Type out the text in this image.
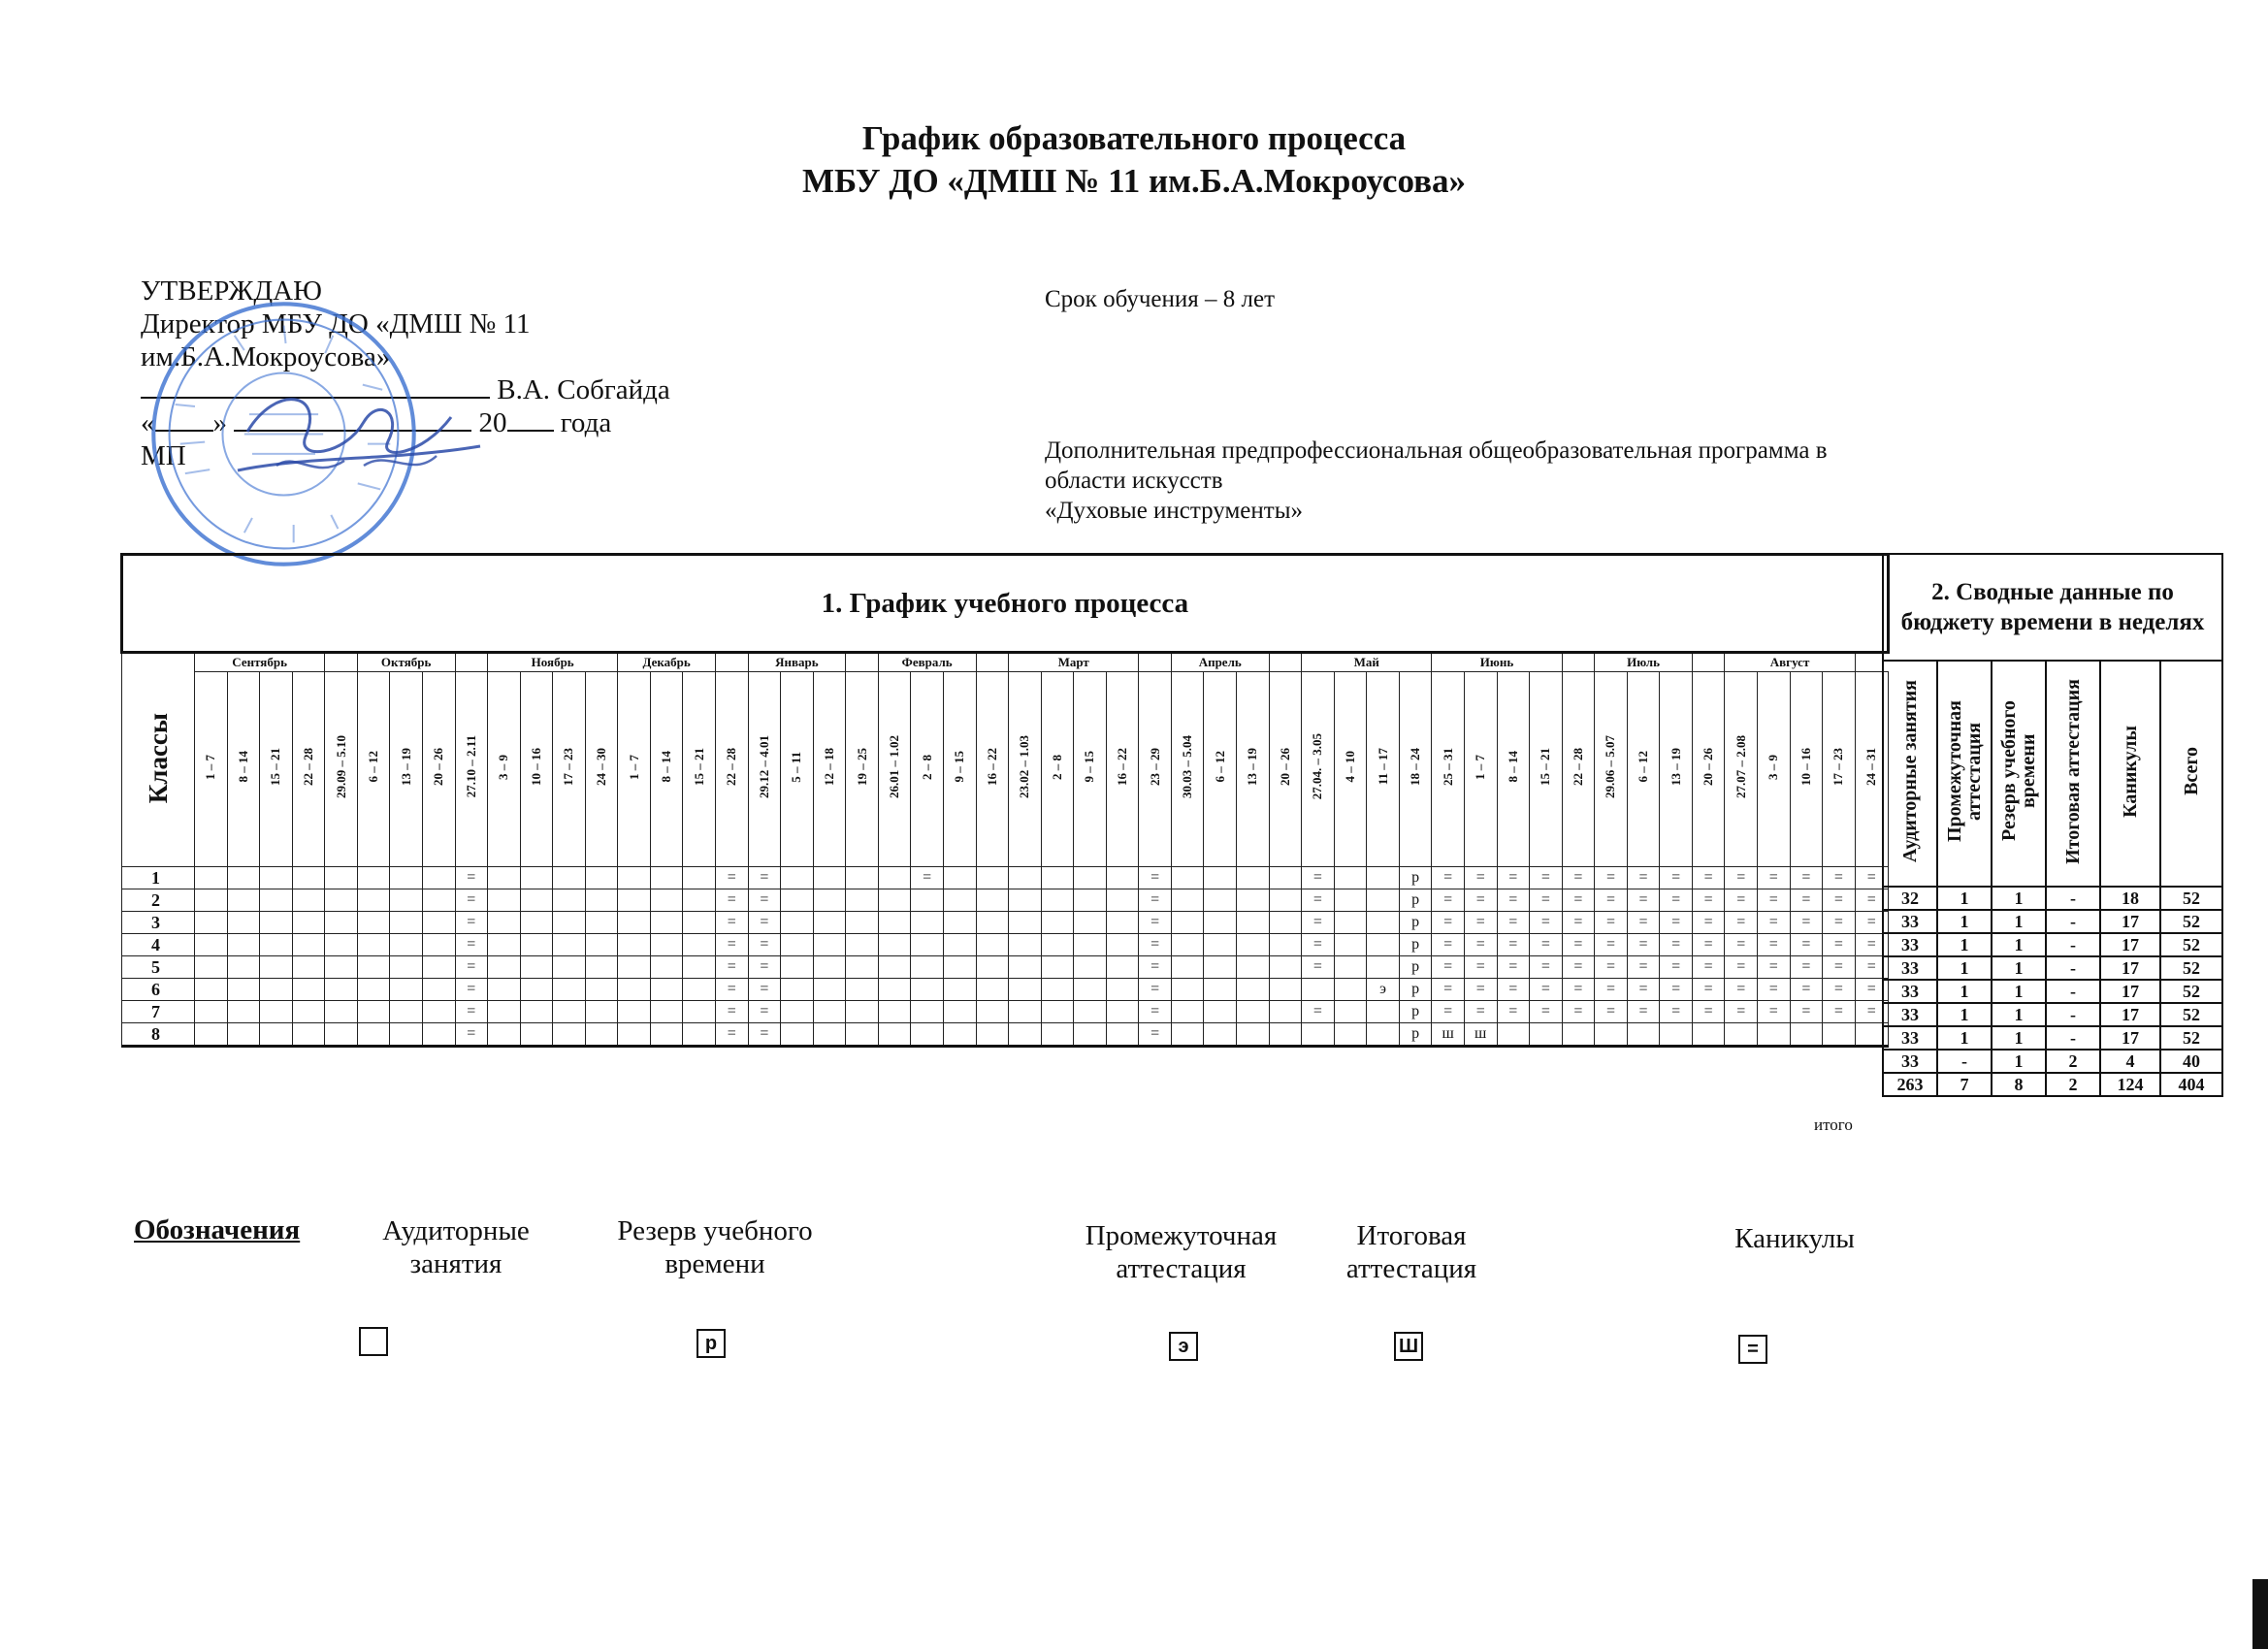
График образовательного процесса
МБУ ДО «ДМШ № 11 им.Б.А.Мокроусова»
УТВЕРЖДАЮ
Директор МБУ ДО «ДМШ № 11
им.Б.А.Мокроусова»
В.А. Собгайда
« »	20 года
МП
Срок обучения – 8 лет
Дополнительная предпрофессиональная общеобразовательная программа в
области искусств
«Духовые инструменты»
1. График учебного процесса																																																				
Классы	Сентябрь					Октябрь				Ноябрь				Декабрь				Январь				Февраль				Март					Апрель				Май				Июнь					Июль				Август				
	1 – 7	8 – 14	15 – 21	22 – 28	29.09 – 5.10	6 – 12	13 – 19	20 – 26	27.10 – 2.11	3 – 9	10 – 16	17 – 23	24 – 30	1 – 7	8 – 14	15 – 21	22 – 28	29.12 – 4.01	5 – 11	12 – 18	19 – 25	26.01 – 1.02	2 – 8	9 – 15	16 – 22	23.02 – 1.03	2 – 8	9 – 15	16 – 22	23 – 29	30.03 – 5.04	6 – 12	13 – 19	20 – 26	27.04. – 3.05	4 – 10	11 – 17	18 – 24	25 – 31	1 – 7	8 – 14	15 – 21	22 – 28	29.06 – 5.07	6 – 12	13 – 19	20 – 26	27.07 – 2.08	3 – 9	10 – 16	17 – 23	24 – 31
1									=								=	=					=							=					=			р	=	=	=	=	=	=	=	=	=	=	=	=	=	=
2									=								=	=												=					=			р	=	=	=	=	=	=	=	=	=	=	=	=	=	=
3									=								=	=												=					=			р	=	=	=	=	=	=	=	=	=	=	=	=	=	=
4									=								=	=												=					=			р	=	=	=	=	=	=	=	=	=	=	=	=	=	=
5									=								=	=												=					=			р	=	=	=	=	=	=	=	=	=	=	=	=	=	=
6									=								=	=												=							э	р	=	=	=	=	=	=	=	=	=	=	=	=	=	=
7									=								=	=												=					=			р	=	=	=	=	=	=	=	=	=	=	=	=	=	=
8									=								=	=												=								р	ш	ш												
2. Сводные данные по бюджету времени в неделях					
Аудиторные занятия	Промежуточная аттестация	Резерв учебного времени	Итоговая аттестация	Каникулы	Всего
32	1	1	-	18	52
33	1	1	-	17	52
33	1	1	-	17	52
33	1	1	-	17	52
33	1	1	-	17	52
33	1	1	-	17	52
33	1	1	-	17	52
33	-	1	2	4	40
263	7	8	2	124	404
итого
Обозначения	Аудиторные
занятия
Резерв учебного
времени
Промежуточная
аттестация
Итоговая
аттестация
Каникулы
р	э	Ш	=
